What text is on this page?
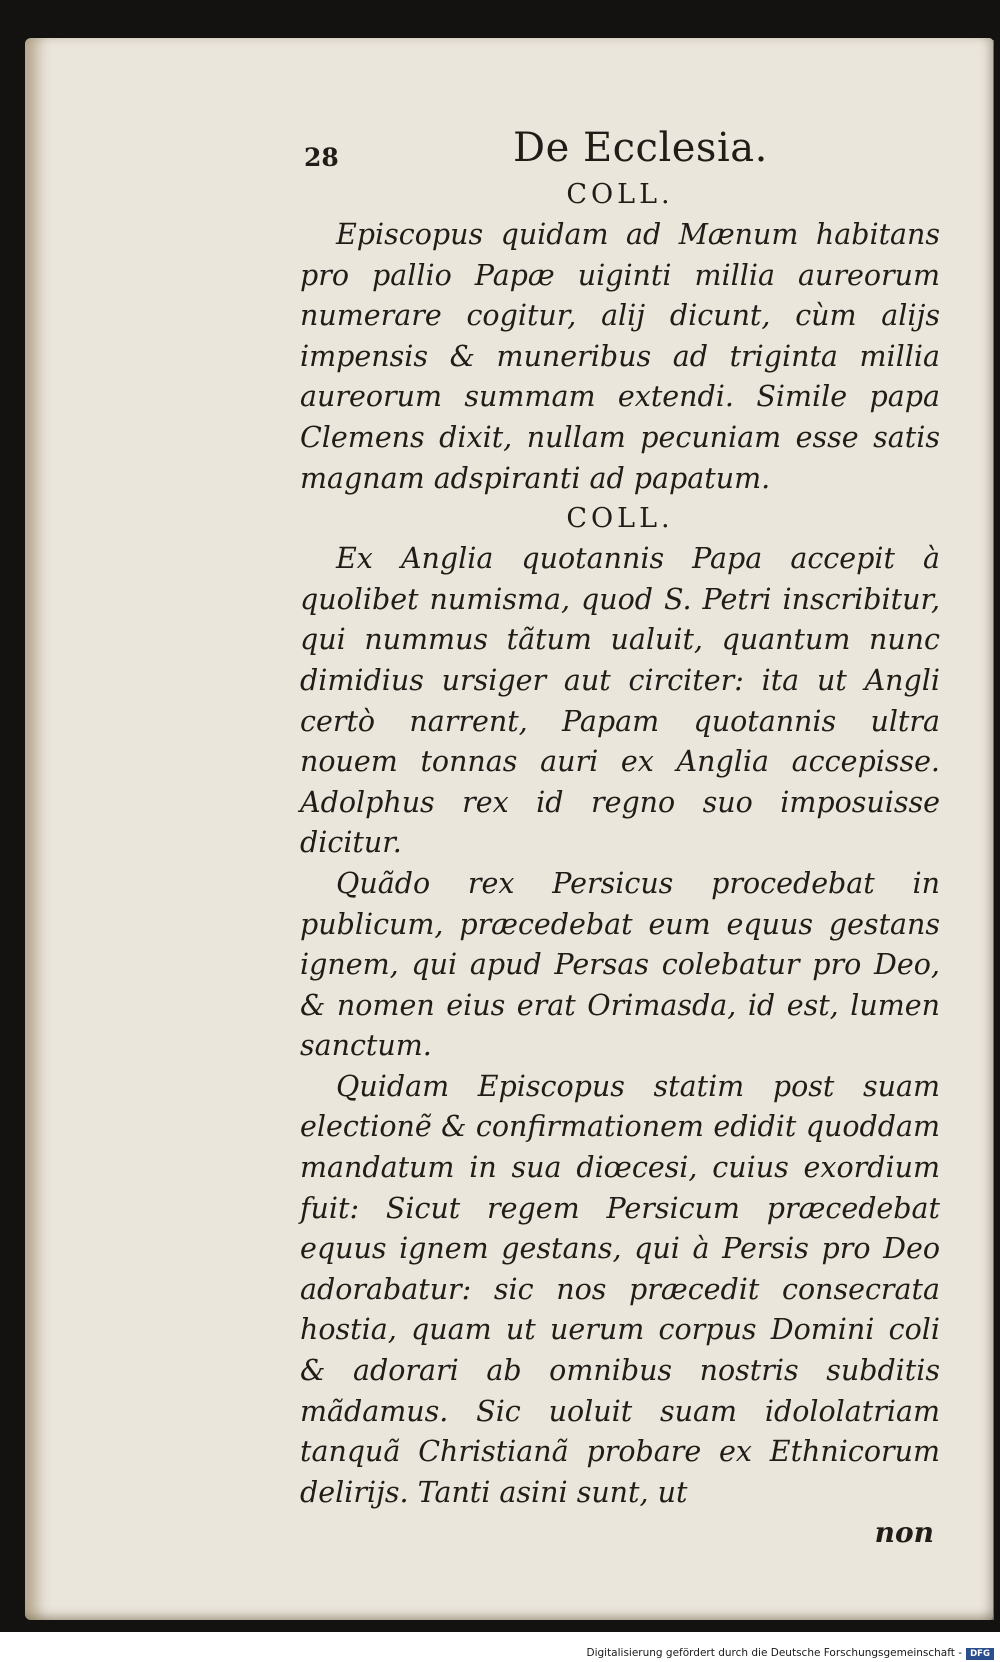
28	De Ecclesia.
COLL.

Episcopus quidam ad Mænum habitans pro pallio Papæ uiginti millia aureorum numerare cogitur, alij dicunt, cùm alijs impensis & muneribus ad triginta millia aureorum summam extendi. Simile papa Clemens dixit, nullam pecuniam esse satis magnam adspiranti ad papatum.

COLL.

Ex Anglia quotannis Papa accepit à quolibet numisma, quod S. Petri inscribitur, qui nummus tãtum ualuit, quantum nunc dimidius ursiger aut circiter: ita ut Angli certò narrent, Papam quotannis ultra nouem tonnas auri ex Anglia accepisse. Adolphus rex id regno suo imposuisse dicitur.

Quãdo rex Persicus procedebat in publicum, præcedebat eum equus gestans ignem, qui apud Persas colebatur pro Deo, & nomen eius erat Orimasda, id est, lumen sanctum.

Quidam Episcopus statim post suam electionẽ & confirmationem edidit quoddam mandatum in sua diœcesi, cuius exordium fuit: Sicut regem Persicum præcedebat equus ignem gestans, qui à Persis pro Deo adorabatur: sic nos præcedit consecrata hostia, quam ut uerum corpus Domini coli & adorari ab omnibus nostris subditis mãdamus. Sic uoluit suam idololatriam tanquã Christianã probare ex Ethnicorum delirijs. Tanti asini sunt, ut

non
Digitalisierung gefördert durch die Deutsche Forschungsgemeinschaft - DFG
